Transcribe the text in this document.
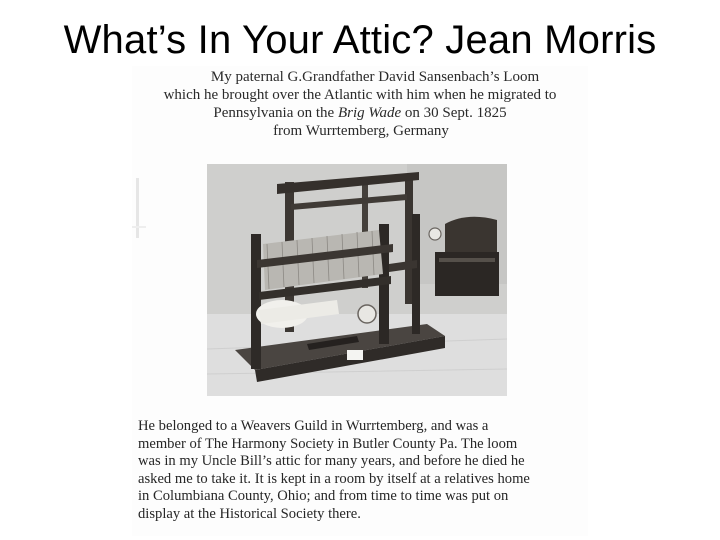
What’s In Your Attic? Jean Morris
My paternal G.Grandfather David Sansenbach’s Loom
which he brought over the Atlantic with him when he migrated to
Pennsylvania on the Brig Wade on 30 Sept. 1825
from Wurrtemberg, Germany
He belonged to a Weavers Guild in Wurrtemberg, and was a
member of The Harmony Society in Butler County Pa. The loom
was in my Uncle Bill’s attic for many years, and before he died he
asked me to take it. It is kept in a room by itself at a relatives home
in Columbiana County, Ohio; and from time to time was put on
display at the Historical Society there.
